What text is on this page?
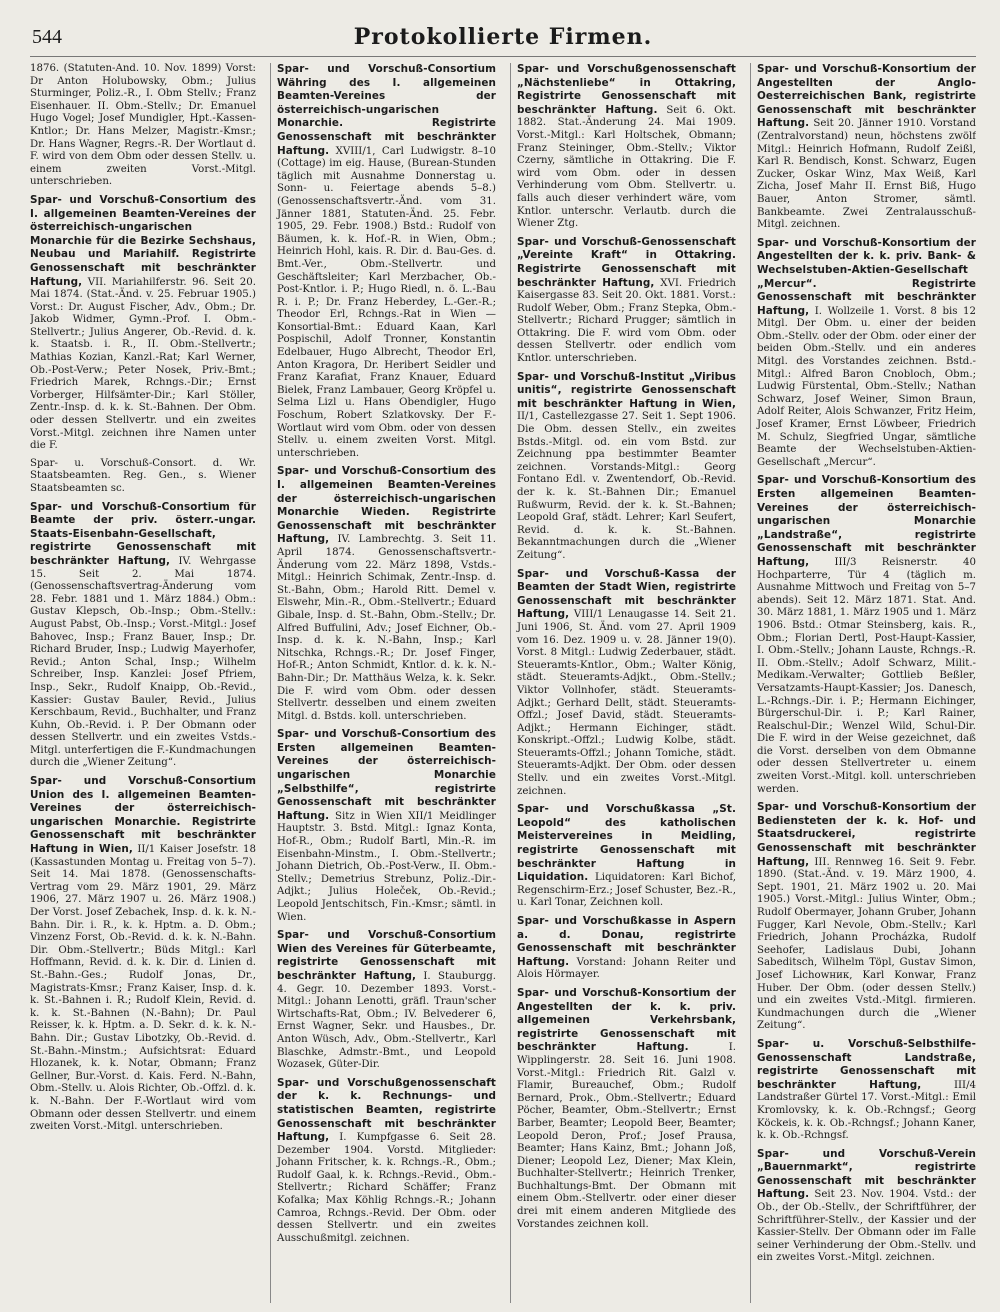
544	Protokollierte Firmen.

1876. (Statuten-Änd. 10. Nov. 1899) Vorst: Dr Anton Holubowsky, Obm.; Julius Sturminger, Poliz.-R., I. Obm Stellv.; Franz Eisenhauer. II. Obm.-Stellv.; Dr. Emanuel Hugo Vogel; Josef Mundigler, Hpt.-Kassen-Kntlor.; Dr. Hans Melzer, Magistr.-Kmsr.; Dr. Hans Wagner, Regrs.-R. Der Wortlaut d. F. wird von dem Obm oder dessen Stellv. u. einem zweiten Vorst.-Mitgl. unterschrieben.

Spar- und Vorschuß-Consortium des I. allgemeinen Beamten-Vereines der österreichisch-ungarischen Monarchie für die Bezirke Sechshaus, Neubau und Mariahilf. Registrirte Genossenschaft mit beschränkter Haftung, VII. Mariahilferstr. 96. Seit 20. Mai 1874. (Stat.-Änd. v. 25. Februar 1905.) Vorst.: Dr. August Fischer, Adv., Obm.; Dr. Jakob Widmer, Gymn.-Prof. I. Obm.-Stellvertr.; Julius Angerer, Ob.-Revid. d. k. k. Staatsb. i. R., II. Obm.-Stellvertr.; Mathias Kozian, Kanzl.-Rat; Karl Werner, Ob.-Post-Verw.; Peter Nosek, Priv.-Bmt.; Friedrich Marek, Rchngs.-Dir.; Ernst Vorberger, Hilfsämter-Dir.; Karl Stöller, Zentr.-Insp. d. k. k. St.-Bahnen. Der Obm. oder dessen Stellvertr. und ein zweites Vorst.-Mitgl. zeichnen ihre Namen unter die F.

Spar- u. Vorschuß-Consort. d. Wr. Staatsbeamten. Reg. Gen., s. Wiener Staatsbeamten sc.

Spar- und Vorschuß-Consortium für Beamte der priv. österr.-ungar. Staats-Eisenbahn-Gesellschaft, registrirte Genossenschaft mit beschränkter Haftung, IV. Wehrgasse 15. Seit 2. Mai 1874. (Genossenschaftsvertrag-Änderung vom 28. Febr. 1881 und 1. März 1884.) Obm.: Gustav Klepsch, Ob.-Insp.; Obm.-Stellv.: August Pabst, Ob.-Insp.; Vorst.-Mitgl.: Josef Bahovec, Insp.; Franz Bauer, Insp.; Dr. Richard Bruder, Insp.; Ludwig Mayerhofer, Revid.; Anton Schal, Insp.; Wilhelm Schreiber, Insp. Kanzlei: Josef Pfriem, Insp., Sekr., Rudolf Knaipp, Ob.-Revid., Kassier: Gustav Bauler, Revid., Julius Kerschbaum, Revid., Buchhalter, und Franz Kuhn, Ob.-Revid. i. P. Der Obmann oder dessen Stellvertr. und ein zweites Vstds.-Mitgl. unterfertigen die F.-Kundmachungen durch die „Wiener Zeitung“.

Spar- und Vorschuß-Consortium Union des I. allgemeinen Beamten-Vereines der österreichisch-ungarischen Monarchie. Registrirte Genossenschaft mit beschränkter Haftung in Wien, II/1 Kaiser Josefstr. 18 (Kassastunden Montag u. Freitag von 5–7). Seit 14. Mai 1878. (Genossenschafts-Vertrag vom 29. März 1901, 29. März 1906, 27. März 1907 u. 26. März 1908.) Der Vorst. Josef Zebachek, Insp. d. k. k. N.-Bahn. Dir. i. R., k. k. Hptm. a. D. Obm.; Vinzenz Forst, Ob.-Revid. d. k. k. N.-Bahn. Dir. Obm.-Stellvertr.; Büds Mitgl.: Karl Hoffmann, Revid. d. k. k. Dir. d. Linien d. St.-Bahn.-Ges.; Rudolf Jonas, Dr., Magistrats-Kmsr.; Franz Kaiser, Insp. d. k. k. St.-Bahnen i. R.; Rudolf Klein, Revid. d. k. k. St.-Bahnen (N.-Bahn); Dr. Paul Reisser, k. k. Hptm. a. D. Sekr. d. k. k. N.-Bahn. Dir.; Gustav Libotzky, Ob.-Revid. d. St.-Bahn.-Minstm.; Aufsichtsrat: Eduard Hlozanek, k. k. Notar, Obmann; Franz Gellner, Bur.-Vorst. d. Kais. Ferd. N.-Bahn, Obm.-Stellv. u. Alois Richter, Ob.-Offzl. d. k. k. N.-Bahn. Der F.-Wortlaut wird vom Obmann oder dessen Stellvertr. und einem zweiten Vorst.-Mitgl. unterschrieben.

Spar- und Vorschuß-Consortium Währing des I. allgemeinen Beamten-Vereines der österreichisch-ungarischen Monarchie. Registrirte Genossenschaft mit beschränkter Haftung. XVIII/1, Carl Ludwigstr. 8–10 (Cottage) im eig. Hause, (Burean-Stunden täglich mit Ausnahme Donnerstag u. Sonn- u. Feiertage abends 5–8.) (Genossenschaftsvertr.-Änd. vom 31. Jänner 1881, Statuten-Änd. 25. Febr. 1905, 29. Febr. 1908.) Bstd.: Rudolf von Bäumen, k. k. Hof.-R. in Wien, Obm.; Heinrich Hohl, kais. R. Dir. d. Bau-Ges. d. Bmt.-Ver., Obm.-Stellvertr. und Geschäftsleiter; Karl Merzbacher, Ob.-Post-Kntlor. i. P.; Hugo Riedl, n. ö. L.-Bau R. i. P.; Dr. Franz Heberdey, L.-Ger.-R.; Theodor Erl, Rchngs.-Rat in Wien — Konsortial-Bmt.: Eduard Kaan, Karl Pospischil, Adolf Tronner, Konstantin Edelbauer, Hugo Albrecht, Theodor Erl, Anton Kragora, Dr. Heribert Seidler und Franz Karafiat, Franz Knauer, Eduard Bielek, Franz Lambauer, Georg Kröpfel u. Selma Lizl u. Hans Obendigler, Hugo Foschum, Robert Szlatkovsky. Der F.-Wortlaut wird vom Obm. oder von dessen Stellv. u. einem zweiten Vorst. Mitgl. unterschrieben.

Spar- und Vorschuß-Consortium des I. allgemeinen Beamten-Vereines der österreichisch-ungarischen Monarchie Wieden. Registrirte Genossenschaft mit beschränkter Haftung, IV. Lambrechtg. 3. Seit 11. April 1874. Genossenschaftsvertr.-Änderung vom 22. März 1898, Vstds.-Mitgl.: Heinrich Schimak, Zentr.-Insp. d. St.-Bahn, Obm.; Harold Ritt. Demel v. Elswehr, Min.-R., Obm.-Stellvertr.; Eduard Gibale, Insp. d. St.-Bahn, Obm.-Stellv.; Dr. Alfred Buffulini, Adv.; Josef Eichner, Ob.-Insp. d. k. k. N.-Bahn, Insp.; Karl Nitschka, Rchngs.-R.; Dr. Josef Finger, Hof-R.; Anton Schmidt, Kntlor. d. k. k. N.-Bahn-Dir.; Dr. Matthäus Welza, k. k. Sekr. Die F. wird vom Obm. oder dessen Stellvertr. desselben und einem zweiten Mitgl. d. Bstds. koll. unterschrieben.

Spar- und Vorschuß-Consortium des Ersten allgemeinen Beamten-Vereines der österreichisch-ungarischen Monarchie „Selbsthilfe“, registrirte Genossenschaft mit beschränkter Haftung. Sitz in Wien XII/1 Meidlinger Hauptstr. 3. Bstd. Mitgl.: Ignaz Konta, Hof-R., Obm.; Rudolf Bartl, Min.-R. im Eisenbahn-Minstm., I. Obm.-Stellvertr.; Johann Dietrich, Ob.-Post-Verw., II. Obm.-Stellv.; Demetrius Strebunz, Poliz.-Dir.-Adjkt.; Julius Holeček, Ob.-Revid.; Leopold Jentschitsch, Fin.-Kmsr.; sämtl. in Wien.

Spar- und Vorschuß-Consortium Wien des Vereines für Güterbeamte, registrirte Genossenschaft mit beschränkter Haftung, I. Stauburgg. 4. Gegr. 10. Dezember 1893. Vorst.-Mitgl.: Johann Lenotti, gräfl. Traun'scher Wirtschafts-Rat, Obm.; IV. Belvederег 6, Ernst Wagner, Sekr. und Hausbes., Dr. Anton Wüsch, Adv., Obm.-Stellvertr., Karl Blaschke, Admstr.-Bmt., und Leopold Wozasek, Güter-Dir.

Spar- und Vorschußgenossenschaft der k. k. Rechnungs- und statistischen Beamten, registrirte Genossenschaft mit beschränkter Haftung, I. Kumpfgasse 6. Seit 28. Dezember 1904. Vorstd. Mitglieder: Johann Fritscher, k. k. Rchngs.-R., Obm.; Rudolf Gaal, k. k. Rchngs.-Revid., Obm.-Stellvertr.; Richard Schäffer; Franz Kofalka; Max Köhlig Rchngs.-R.; Johann Camroa, Rchngs.-Revid. Der Obm. oder dessen Stellvertr. und ein zweites Ausschußmitgl. zeichnen.

Spar- und Vorschußgenossenschaft „Nächstenliebe“ in Ottakring, Registrirte Genossenschaft mit beschränkter Haftung. Seit 6. Okt. 1882. Stat.-Änderung 24. Mai 1909. Vorst.-Mitgl.: Karl Holtschek, Obmann; Franz Steininger, Obm.-Stellv.; Viktor Czerny, sämtliche in Ottakring. Die F. wird vom Obm. oder in dessen Verhinderung vom Obm. Stellvertr. u. falls auch dieser verhindert wäre, vom Kntlor. unterschr. Verlautb. durch die Wiener Ztg.

Spar- und Vorschuß-Genossenschaft „Vereinte Kraft“ in Ottakring. Registrirte Genossenschaft mit beschränkter Haftung, XVI. Friedrich Kaisergasse 83. Seit 20. Okt. 1881. Vorst.: Rudolf Weber, Obm.; Franz Stepka, Obm.-Stellvertr.; Richard Prugger; sämtlich in Ottakring. Die F. wird vom Obm. oder dessen Stellvertr. oder endlich vom Kntlor. unterschrieben.

Spar- und Vorschuß-Institut „Viribus unitis“, registrirte Genossenschaft mit beschränkter Haftung in Wien, II/1, Castellezgasse 27. Seit 1. Sept 1906. Die Obm. dessen Stellv., ein zweites Bstds.-Mitgl. od. ein vom Bstd. zur Zeichnung ppa bestimmter Beamter zeichnen. Vorstands-Mitgl.: Georg Fontano Edl. v. Zwentendorf, Ob.-Revid. der k. k. St.-Bahnen Dir.; Emanuel Rußwurm, Revid. der k. k. St.-Bahnen; Leopold Graf, städt. Lehrer; Karl Seufert, Revid. d. k. k. St.-Bahnen. Bekanntmachungen durch die „Wiener Zeitung“.

Spar- und Vorschuß-Kassa der Beamten der Stadt Wien, registrirte Genossenschaft mit beschränkter Haftung, VIII/1 Lenaugasse 14. Seit 21. Juni 1906, St. Änd. vom 27. April 1909 vom 16. Dez. 1909 u. v. 28. Jänner 19(0). Vorst. 8 Mitgl.: Ludwig Zederbauer, städt. Steueramts-Kntlor., Obm.; Walter König, städt. Steueramts-Adjkt., Obm.-Stellv.; Viktor Vollnhofer, städt. Steueramts-Adjkt.; Gerhard Dellt, städt. Steueramts-Offzl.; Josef David, städt. Steueramts-Adjkt.; Hermann Eichinger, städt. Konskript.-Offzl.; Ludwig Kolbe, städt. Steueramts-Offzl.; Johann Tomiche, städt. Steueramts-Adjkt. Der Obm. oder dessen Stellv. und ein zweites Vorst.-Mitgl. zeichnen.

Spar- und Vorschußkassa „St. Leopold“ des katholischen Meistervereines in Meidling, registrirte Genossenschaft mit beschränkter Haftung in Liquidation. Liquidatoren: Karl Bichof, Regenschirm-Erz.; Josef Schuster, Bez.-R., u. Karl Tonar, Zeichnen koll.

Spar- und Vorschußkasse in Aspern a. d. Donau, registrirte Genossenschaft mit beschränkter Haftung. Vorstand: Johann Reiter und Alois Hörmayer.

Spar- und Vorschuß-Konsortium der Angestellten der k. k. priv. allgemeinen Verkehrsbank, registrirte Genossenschaft mit beschränkter Haftung.	I. Wipplingerstr. 28. Seit 16. Juni 1908. Vorst.-Mitgl.: Friedrich Rit. Galzl v. Flamir, Bureauchef, Obm.; Rudolf Bernard, Prok., Obm.-Stellvertr.; Eduard Pöcher, Beamter, Obm.-Stellvertr.; Ernst Barber, Beamter; Leopold Beer, Beamter; Leopold Deron, Prof.; Josef Prausa, Beamter; Hans Kainz, Bmt.; Johann Joß, Diener; Leopold Lez, Diener; Max Klein, Buchhalter-Stellvertr.; Heinrich Trenker, Buchhaltungs-Bmt. Der Obmann mit einem Obm.-Stellvertr. oder einer dieser drei mit einem anderen Mitgliede des Vorstandes zeichnen koll.

Spar- und Vorschuß-Konsortium der Angestellten der Anglo-Oesterreichischen Bank, registrirte Genossenschaft mit beschränkter Haftung. Seit 20. Jänner 1910. Vorstand (Zentralvorstand) neun, höchstens zwölf Mitgl.: Heinrich Hofmann, Rudolf Zeißl, Karl R. Bendisch, Konst. Schwarz, Eugen Zucker, Oskar Winz, Max Weiß, Karl Zicha, Josef Mahr II. Ernst Biß, Hugo Bauer, Anton Stromer, sämtl. Bankbeamte. Zwei Zentralausschuß-Mitgl. zeichnen.

Spar- und Vorschuß-Konsortium der Angestellten der k. k. priv. Bank- & Wechselstuben-Aktien-Gesellschaft „Mercur“. Registrirte Genossenschaft mit beschränkter Haftung, I. Wollzeile 1. Vorst. 8 bis 12 Mitgl. Der Obm. u. einer der beiden Obm.-Stellv. oder der Obm. oder einer der beiden Obm.-Stellv. und ein anderes Mitgl. des Vorstandes zeichnen. Bstd.-Mitgl.: Alfred Baron Cnobloch, Obm.; Ludwig Fürstental, Obm.-Stellv.; Nathan Schwarz, Josef Weiner, Simon Braun, Adolf Reiter, Alois Schwanzer, Fritz Heim, Josef Kramer, Ernst Löwbeer, Friedrich M. Schulz, Siegfried Ungar, sämtliche Beamte der Wechselstuben-Aktien-Gesellschaft „Mercur“.

Spar- und Vorschuß-Konsortium des Ersten allgemeinen Beamten-Vereines der österreichisch-ungarischen Monarchie „Landstraße“, registrirte Genossenschaft mit beschränkter Haftung, III/3 Reisnerstr. 40 Hochparterre, Tür 4 (täglich m. Ausnahme Mittwoch und Freitag von 5–7 abends). Seit 12. März 1871. Stat. And. 30. März 1881, 1. März 1905 und 1. März 1906. Bstd.: Otmar Steinsberg, kais. R., Obm.; Florian Dertl, Post-Haupt-Kassier, I. Obm.-Stellv.; Johann Lauste, Rchngs.-R. II. Obm.-Stellv.; Adolf Schwarz, Milit.-Medikam.-Verwalter; Gottlieb Beßler, Versatzamts-Haupt-Kassier; Jos. Danesch, L.-Rchngs.-Dir. i. P.; Hermann Eichinger, Bürgerschul-Dir. i. P.; Karl Rainer, Realschul-Dir.; Wenzel Wild, Schul-Dir. Die F. wird in der Weise gezeichnet, daß die Vorst. derselben von dem Obmanne oder dessen Stellvertreter u. einem zweiten Vorst.-Mitgl. koll. unterschrieben werden.

Spar- und Vorschuß-Konsortium der Bediensteten der k. k. Hof- und Staatsdruckerei, registrirte Genossenschaft mit beschränkter Haftung, III. Rennweg 16. Seit 9. Febr. 1890. (Stat.-Änd. v. 19. März 1900, 4. Sept. 1901, 21. März 1902 u. 20. Mai 1905.) Vorst.-Mitgl.: Julius Winter, Obm.; Rudolf Obermayer, Johann Gruber, Johann Fugger, Karl Nevole, Obm.-Stellv.; Karl Friedrich, Johann Procházka, Rudolf Seehofer, Ladislaus Dubi, Johann Sabeditsch, Wilhelm Töpl, Gustav Simon, Josef Lichowник, Karl Konwar, Franz Huber. Der Obm. (oder dessen Stellv.) und ein zweites Vstd.-Mitgl. firmieren. Kundmachungen durch die „Wiener Zeitung“.

Spar- u. Vorschuß-Selbsthilfe-Genossenschaft Landstraße, registrirte Genossenschaft mit beschränkter Haftung,	III/4 Landstraßer Gürtel 17. Vorst.-Mitgl.: Emil Kromlovsky, k. k. Ob.-Rchngsf.; Georg Köckeis, k. k. Ob.-Rchngsf.; Johann Kaner, k. k. Ob.-Rchngsf.

Spar- und Vorschuß-Verein „Bauernmarkt“, registrirte Genossenschaft mit beschränkter Haftung. Seit 23. Nov. 1904. Vstd.: der Ob., der Ob.-Stellv., der Schriftführer, der Schriftführer-Stellv., der Kassier und der Kassier-Stellv. Der Obmann oder im Falle seiner Verhinderung der Obm.-Stellv. und ein zweites Vorst.-Mitgl. zeichnen.
